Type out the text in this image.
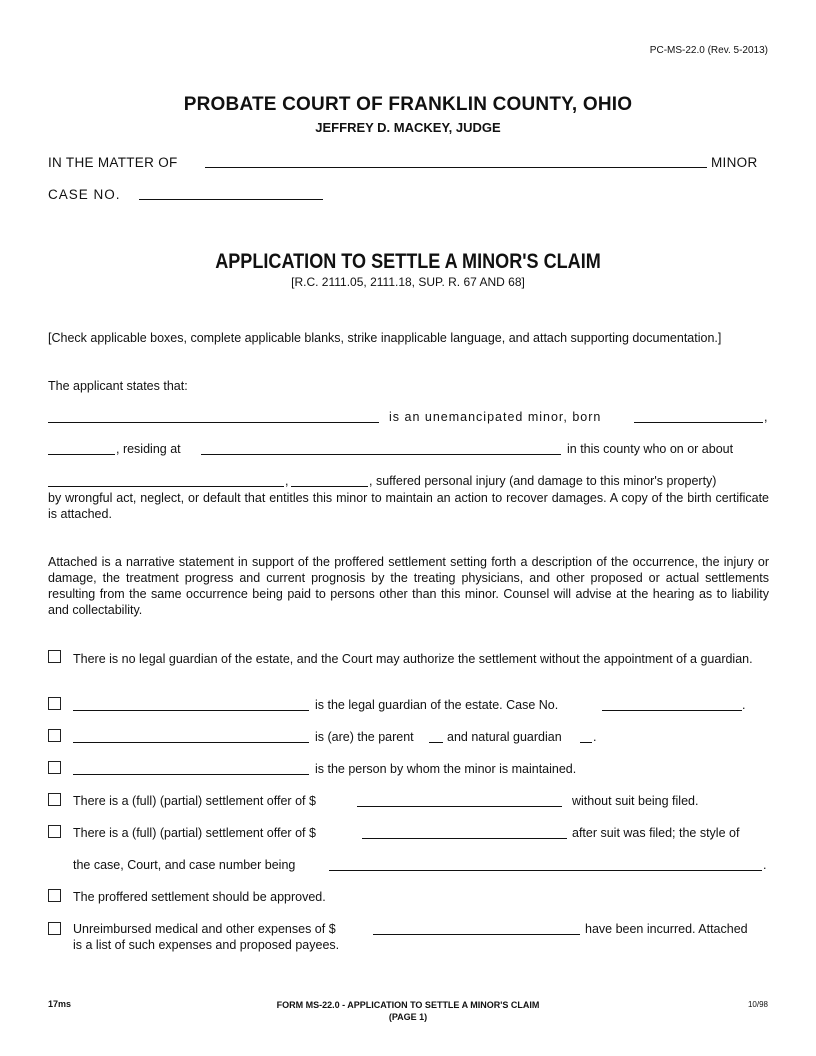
PC-MS-22.0 (Rev. 5-2013)
PROBATE COURT OF FRANKLIN COUNTY, OHIO
JEFFREY D. MACKEY, JUDGE
IN THE MATTER OF	MINOR
CASE NO.
APPLICATION TO SETTLE A MINOR'S CLAIM
[R.C. 2111.05, 2111.18, SUP. R. 67 AND 68]
[Check applicable boxes, complete applicable blanks, strike inapplicable language, and attach supporting documentation.]
The applicant states that:
is an unemancipated minor, born	,
, residing at	in this county who on or about
,	, suffered personal injury (and damage to this minor's property)
by wrongful act, neglect, or default that entitles this minor to maintain an action to recover damages. A copy of the birth certificate is attached.
Attached is a narrative statement in support of the proffered settlement setting forth a description of the occurrence, the injury or damage, the treatment progress and current prognosis by the treating physicians, and other proposed or actual settlements resulting from the same occurrence being paid to persons other than this minor. Counsel will advise at the hearing as to liability and collectability.
There is no legal guardian of the estate, and the Court may authorize the settlement without the appointment of a guardian.
is the legal guardian of the estate. Case No.	.
is (are) the parent	and natural guardian	.
is the person by whom the minor is maintained.
There is a (full) (partial) settlement offer of $	without suit being filed.
There is a (full) (partial) settlement offer of $	after suit was filed; the style of
the case, Court, and case number being	.
The proffered settlement should be approved.
Unreimbursed medical and other expenses of $	have been incurred. Attached
is a list of such expenses and proposed payees.
17ms	FORM MS-22.0 - APPLICATION TO SETTLE A MINOR'S CLAIM
(PAGE 1)
10/98
